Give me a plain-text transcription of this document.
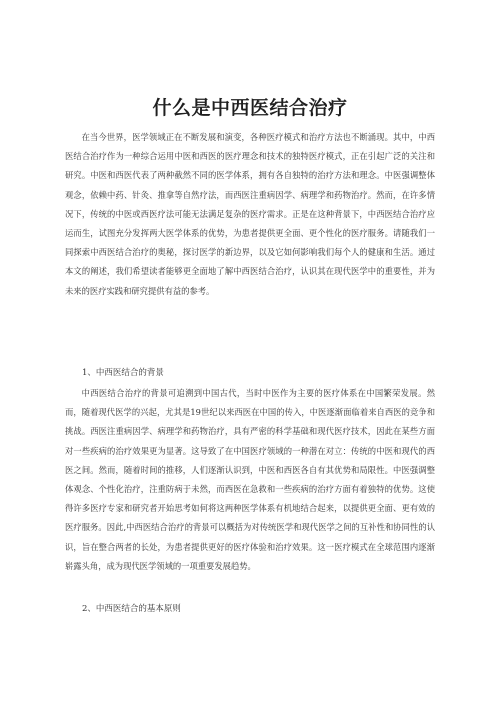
什么是中西医结合治疗

在当今世界，医学领域正在不断发展和演变，各种医疗模式和治疗方法也不断涌现。其中，中西医结合治疗作为一种综合运用中医和西医的医疗理念和技术的独特医疗模式，正在引起广泛的关注和研究。中医和西医代表了两种截然不同的医学体系，拥有各自独特的治疗方法和理念。中医强调整体观念，依赖中药、针灸、推拿等自然疗法，而西医注重病因学、病理学和药物治疗。然而，在许多情况下，传统的中医或西医疗法可能无法满足复杂的医疗需求。正是在这种背景下，中西医结合治疗应运而生，试图充分发挥两大医学体系的优势，为患者提供更全面、更个性化的医疗服务。请随我们一同探索中西医结合治疗的奥秘，探讨医学的新边界，以及它如何影响我们每个人的健康和生活。通过本文的阐述，我们希望读者能够更全面地了解中西医结合治疗，认识其在现代医学中的重要性，并为未来的医疗实践和研究提供有益的参考。

1、中西医结合的背景

中西医结合治疗的背景可追溯到中国古代，当时中医作为主要的医疗体系在中国繁荣发展。然而，随着现代医学的兴起，尤其是19世纪以来西医在中国的传入，中医逐渐面临着来自西医的竞争和挑战。西医注重病因学、病理学和药物治疗，具有严密的科学基础和现代医疗技术，因此在某些方面对一些疾病的治疗效果更为显著。这导致了在中国医疗领域的一种潜在对立：传统的中医和现代的西医之间。然而，随着时间的推移，人们逐渐认识到，中医和西医各自有其优势和局限性。中医强调整体观念、个性化治疗，注重防病于未然，而西医在急救和一些疾病的治疗方面有着独特的优势。这使得许多医疗专家和研究者开始思考如何将这两种医学体系有机地结合起来，以提供更全面、更有效的医疗服务。因此,中西医结合治疗的背景可以概括为对传统医学和现代医学之间的互补性和协同性的认识，旨在整合两者的长处，为患者提供更好的医疗体验和治疗效果。这一医疗模式在全球范围内逐渐崭露头角，成为现代医学领域的一项重要发展趋势。

2、中西医结合的基本原则
